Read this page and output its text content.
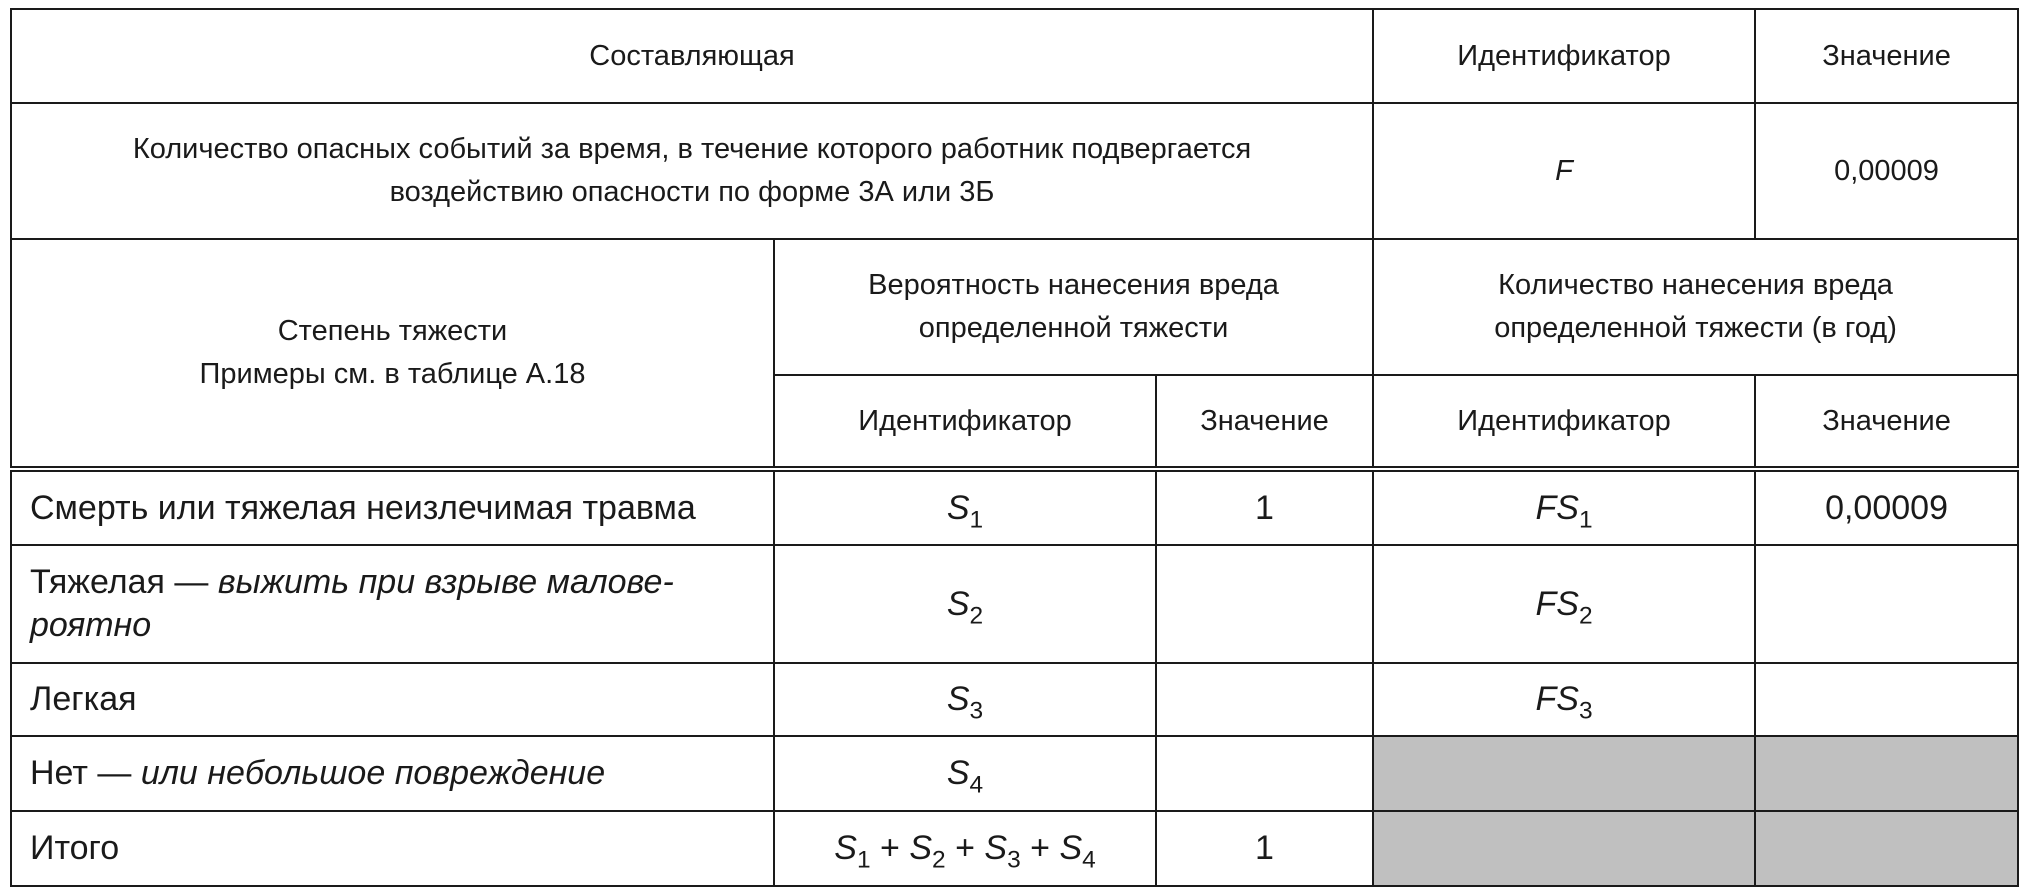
Составляющая			Идентификатор	Значение
Количество опасных событий за время, в течение которого работник подвергается воздействию опасности по форме 3А или 3Б			F	0,00009

Степень тяжести
Примеры см. в таблице А.18	Вероятность нанесения вреда определенной тяжести		Количество нанесения вреда определенной тяжести (в год)	
	Идентификатор	Значение	Идентификатор	Значение
Смерть или тяжелая неизлечимая травма	$S_1$	1	$FS_1$	0,00009
Тяжелая — выжить при взрыве малове-роятно	$S_2$		$FS_2$	
Легкая	$S_3$		$FS_3$	
Нет — или небольшое повреждение	$S_4$			
Итого	$S_1 + S_2 + S_3 + S_4$	1		
